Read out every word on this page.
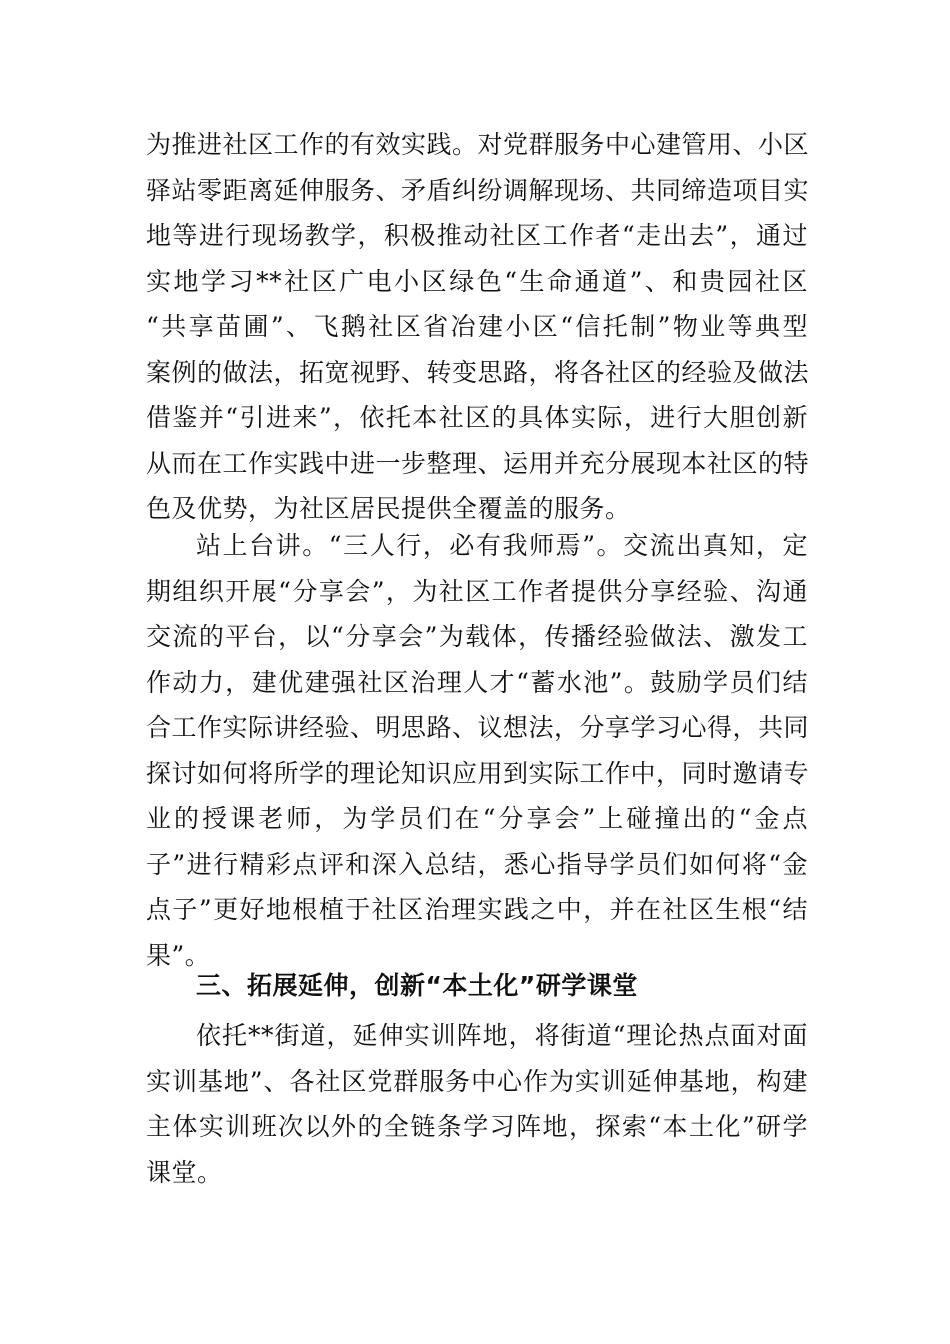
为推进社区工作的有效实践。对党群服务中心建管用、小区
驿站零距离延伸服务、矛盾纠纷调解现场、共同缔造项目实
地等进行现场教学，积极推动社区工作者“走出去”，通过
实地学习**社区广电小区绿色“生命通道”、和贵园社区
“共享苗圃”、飞鹅社区省冶建小区“信托制”物业等典型
案例的做法，拓宽视野、转变思路，将各社区的经验及做法
借鉴并“引进来”，依托本社区的具体实际，进行大胆创新
从而在工作实践中进一步整理、运用并充分展现本社区的特
色及优势，为社区居民提供全覆盖的服务。
站上台讲。“三人行，必有我师焉”。交流出真知，定
期组织开展“分享会”，为社区工作者提供分享经验、沟通
交流的平台，以“分享会”为载体，传播经验做法、激发工
作动力，建优建强社区治理人才“蓄水池”。鼓励学员们结
合工作实际讲经验、明思路、议想法，分享学习心得，共同
探讨如何将所学的理论知识应用到实际工作中，同时邀请专
业的授课老师，为学员们在“分享会”上碰撞出的“金点
子”进行精彩点评和深入总结，悉心指导学员们如何将“金
点子”更好地根植于社区治理实践之中，并在社区生根“结
果”。
三、拓展延伸，创新“本土化”研学课堂
依托**街道，延伸实训阵地，将街道“理论热点面对面
实训基地”、各社区党群服务中心作为实训延伸基地，构建
主体实训班次以外的全链条学习阵地，探索“本土化”研学
课堂。
